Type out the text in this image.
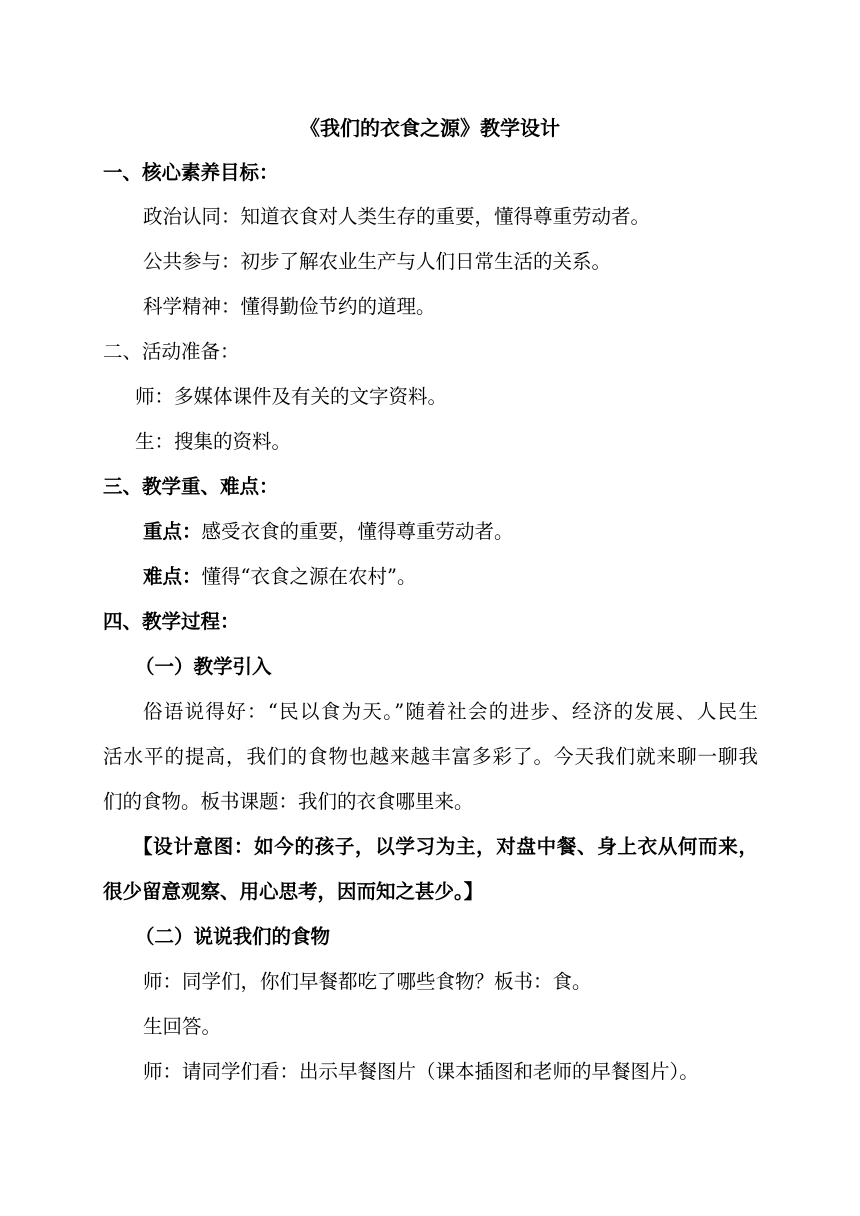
《我们的衣食之源》教学设计
一、核心素养目标：
政治认同：知道衣食对人类生存的重要，懂得尊重劳动者。
公共参与：初步了解农业生产与人们日常生活的关系。
科学精神：懂得勤俭节约的道理。
二、活动准备：
师：多媒体课件及有关的文字资料。
生：搜集的资料。
三、教学重、难点：
重点：感受衣食的重要，懂得尊重劳动者。
难点：懂得“衣食之源在农村”。
四、教学过程：
（一）教学引入
俗语说得好：“民以食为天。”随着社会的进步、经济的发展、人民生
活水平的提高，我们的食物也越来越丰富多彩了。今天我们就来聊一聊我
们的食物。板书课题：我们的衣食哪里来。
【设计意图：如今的孩子，以学习为主，对盘中餐、身上衣从何而来，
很少留意观察、用心思考，因而知之甚少。】
（二）说说我们的食物
师：同学们，你们早餐都吃了哪些食物？板书：食。
生回答。
师：请同学们看：出示早餐图片（课本插图和老师的早餐图片）。
